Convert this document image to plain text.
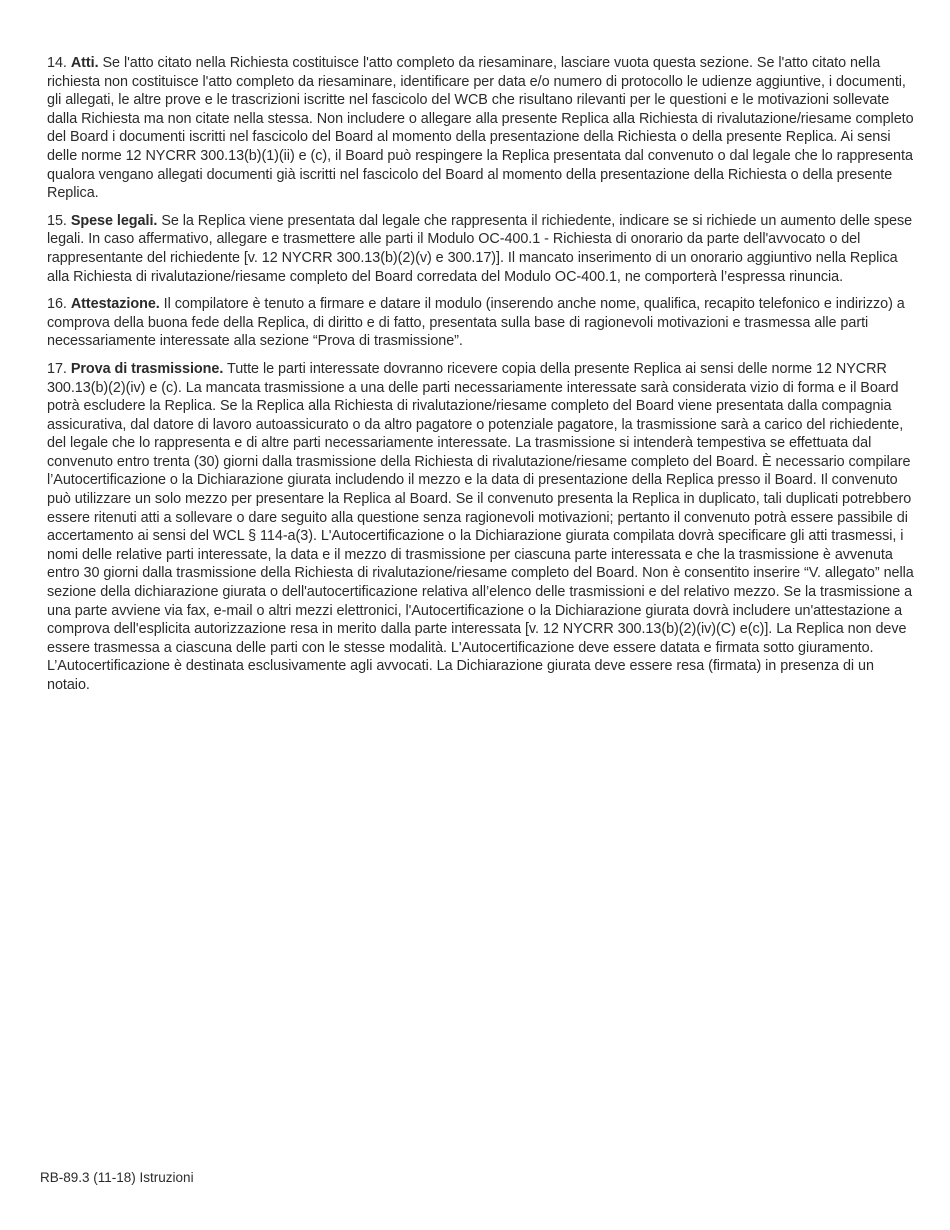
14. Atti. Se l'atto citato nella Richiesta costituisce l'atto completo da riesaminare, lasciare vuota questa sezione. Se l'atto citato nella richiesta non costituisce l'atto completo da riesaminare, identificare per data e/o numero di protocollo le udienze aggiuntive, i documenti, gli allegati, le altre prove e le trascrizioni iscritte nel fascicolo del WCB che risultano rilevanti per le questioni e le motivazioni sollevate dalla Richiesta ma non citate nella stessa. Non includere o allegare alla presente Replica alla Richiesta di rivalutazione/riesame completo del Board i documenti iscritti nel fascicolo del Board al momento della presentazione della Richiesta o della presente Replica. Ai sensi delle norme 12 NYCRR 300.13(b)(1)(ii) e (c), il Board può respingere la Replica presentata dal convenuto o dal legale che lo rappresenta qualora vengano allegati documenti già iscritti nel fascicolo del Board al momento della presentazione della Richiesta o della presente Replica.

15. Spese legali. Se la Replica viene presentata dal legale che rappresenta il richiedente, indicare se si richiede un aumento delle spese legali. In caso affermativo, allegare e trasmettere alle parti il Modulo OC-400.1 - Richiesta di onorario da parte dell'avvocato o del rappresentante del richiedente [v. 12 NYCRR 300.13(b)(2)(v) e 300.17)]. Il mancato inserimento di un onorario aggiuntivo nella Replica alla Richiesta di rivalutazione/riesame completo del Board corredata del Modulo OC-400.1, ne comporterà l’espressa rinuncia.

16. Attestazione. Il compilatore è tenuto a firmare e datare il modulo (inserendo anche nome, qualifica, recapito telefonico e indirizzo) a comprova della buona fede della Replica, di diritto e di fatto, presentata sulla base di ragionevoli motivazioni e trasmessa alle parti necessariamente interessate alla sezione “Prova di trasmissione”.

17. Prova di trasmissione. Tutte le parti interessate dovranno ricevere copia della presente Replica ai sensi delle norme 12 NYCRR 300.13(b)(2)(iv) e (c). La mancata trasmissione a una delle parti necessariamente interessate sarà considerata vizio di forma e il Board potrà escludere la Replica. Se la Replica alla Richiesta di rivalutazione/riesame completo del Board viene presentata dalla compagnia assicurativa, dal datore di lavoro autoassicurato o da altro pagatore o potenziale pagatore, la trasmissione sarà a carico del richiedente, del legale che lo rappresenta e di altre parti necessariamente interessate. La trasmissione si intenderà tempestiva se effettuata dal convenuto entro trenta (30) giorni dalla trasmissione della Richiesta di rivalutazione/riesame completo del Board. È necessario compilare l’Autocertificazione o la Dichiarazione giurata includendo il mezzo e la data di presentazione della Replica presso il Board. Il convenuto può utilizzare un solo mezzo per presentare la Replica al Board. Se il convenuto presenta la Replica in duplicato, tali duplicati potrebbero essere ritenuti atti a sollevare o dare seguito alla questione senza ragionevoli motivazioni; pertanto il convenuto potrà essere passibile di accertamento ai sensi del WCL § 114-a(3). L'Autocertificazione o la Dichiarazione giurata compilata dovrà specificare gli atti trasmessi, i nomi delle relative parti interessate, la data e il mezzo di trasmissione per ciascuna parte interessata e che la trasmissione è avvenuta entro 30 giorni dalla trasmissione della Richiesta di rivalutazione/riesame completo del Board. Non è consentito inserire “V. allegato” nella sezione della dichiarazione giurata o dell'autocertificazione relativa all’elenco delle trasmissioni e del relativo mezzo. Se la trasmissione a una parte avviene via fax, e-mail o altri mezzi elettronici, l'Autocertificazione o la Dichiarazione giurata dovrà includere un'attestazione a comprova dell'esplicita autorizzazione resa in merito dalla parte interessata [v. 12 NYCRR 300.13(b)(2)(iv)(C) e(c)]. La Replica non deve essere trasmessa a ciascuna delle parti con le stesse modalità. L'Autocertificazione deve essere datata e firmata sotto giuramento. L’Autocertificazione è destinata esclusivamente agli avvocati. La Dichiarazione giurata deve essere resa (firmata) in presenza di un notaio.

RB-89.3 (11-18) Istruzioni
